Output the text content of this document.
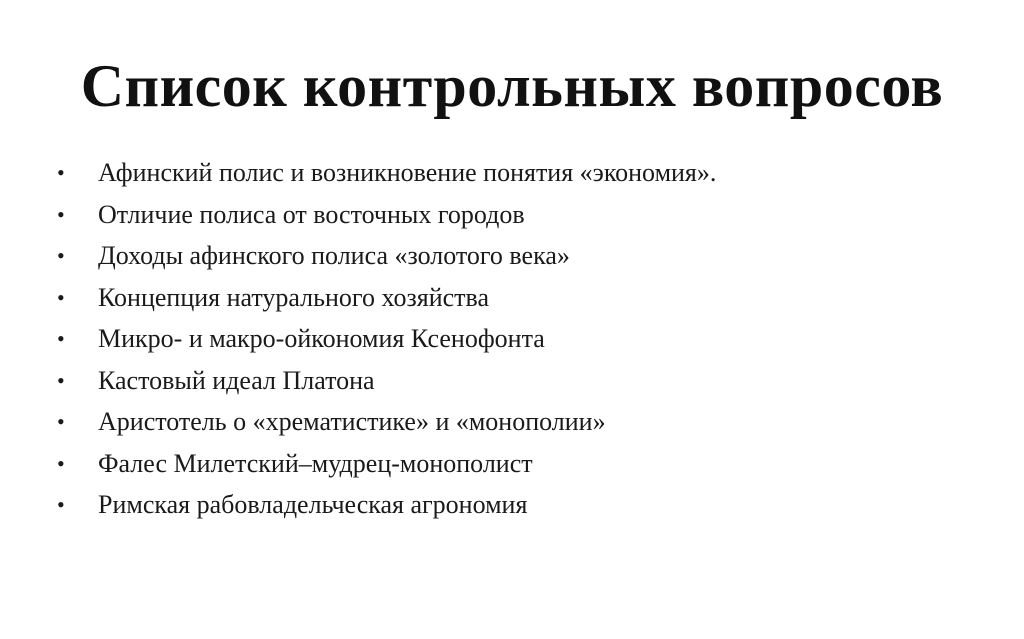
Список контрольных вопросов
•	Афинский полис и возникновение понятия «экономия».
•	Отличие полиса от восточных городов
•	Доходы афинского полиса «золотого века»
•	Концепция натурального хозяйства
•	Микро- и макро-ойкономия Ксенофонта
•	Кастовый идеал Платона
•	Аристотель о «хрематистике» и «монополии»
•	Фалес Милетский–мудрец-монополист
•	Римская рабовладельческая агрономия
